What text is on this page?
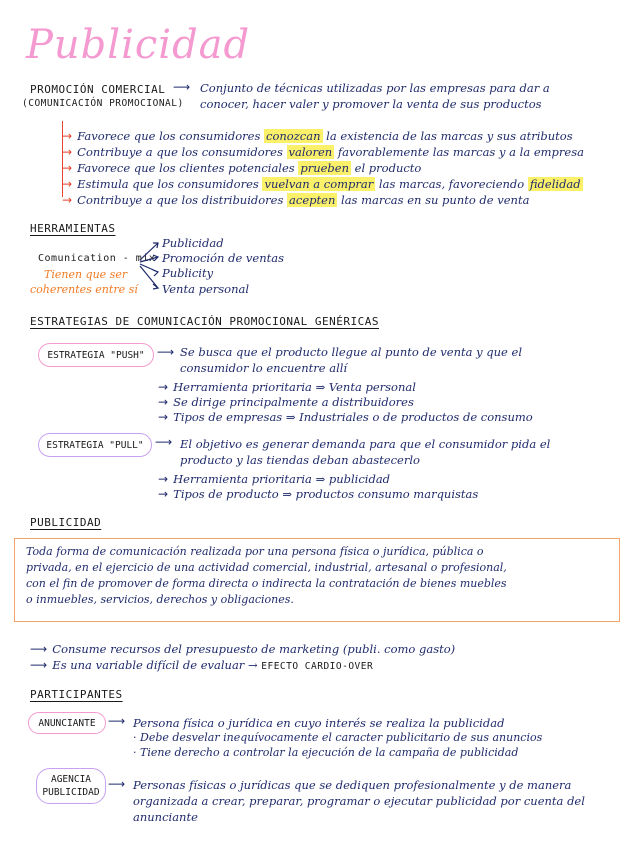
Publicidad
PROMOCIÓN COMERCIAL
(COMUNICACIÓN PROMOCIONAL)
⟶ Conjunto de técnicas utilizadas por las empresas para dar a
conocer, hacer valer y promover la venta de sus productos
→ Favorece que los consumidores conozcan la existencia de las marcas y sus atributos
→ Contribuye a que los consumidores valoren favorablemente las marcas y a la empresa
→ Favorece que los clientes potenciales prueben el producto
→ Estimula que los consumidores vuelvan a comprar las marcas, favoreciendo fidelidad
→ Contribuye a que los distribuidores acepten las marcas en su punto de venta
HERRAMIENTAS
Comunication - mix
Tienen que ser
coherentes entre sí
Publicidad
Promoción de ventas
Publicity
Venta personal
ESTRATEGIAS DE COMUNICACIÓN PROMOCIONAL GENÉRICAS
ESTRATEGIA "PUSH"	⟶ Se busca que el producto llegue al punto de venta y que el
consumidor lo encuentre allí
→ Herramienta prioritaria ⇒ Venta personal
→ Se dirige principalmente a distribuidores
→ Tipos de empresas ⇒ Industriales o de productos de consumo
ESTRATEGIA "PULL" ⟶ El objetivo es generar demanda para que el consumidor pida el
producto y las tiendas deban abastecerlo
→ Herramienta prioritaria ⇒ publicidad
→ Tipos de producto ⇒ productos consumo marquistas
PUBLICIDAD
Toda forma de comunicación realizada por una persona física o jurídica, pública o
privada, en el ejercicio de una actividad comercial, industrial, artesanal o profesional,
con el fin de promover de forma directa o indirecta la contratación de bienes muebles
o inmuebles, servicios, derechos y obligaciones.
⟶ Consume recursos del presupuesto de marketing (publi. como gasto)
⟶ Es una variable difícil de evaluar → EFECTO CARDIO-OVER
PARTICIPANTES
ANUNCIANTE	⟶ Persona física o jurídica en cuyo interés se realiza la publicidad
· Debe desvelar inequívocamente el caracter publicitario de sus anuncios
· Tiene derecho a controlar la ejecución de la campaña de publicidad
AGENCIA
PUBLICIDAD
⟶ Personas físicas o jurídicas que se dediquen profesionalmente y de manera
organizada a crear, preparar, programar o ejecutar publicidad por cuenta del
anunciante
